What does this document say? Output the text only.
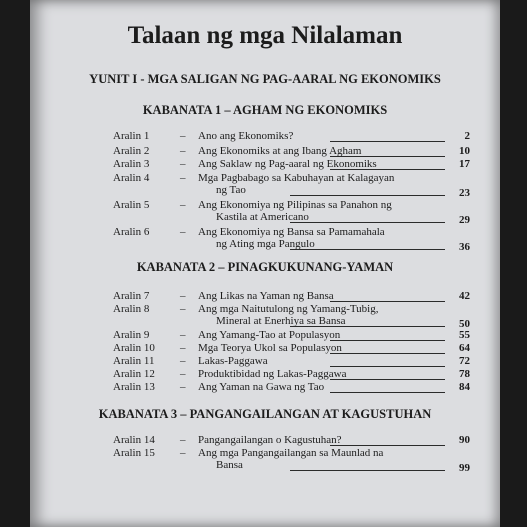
Talaan ng mga Nilalaman
YUNIT I - MGA SALIGAN NG PAG-AARAL NG EKONOMIKS
KABANATA 1 – AGHAM NG EKONOMIKS
Aralin 1	– Ano ang Ekonomiks?	2
Aralin 2	– Ang Ekonomiks at ang Ibang Agham	10
Aralin 3	– Ang Saklaw ng Pag-aaral ng Ekonomiks	17
Aralin 4	– Mga Pagbabago sa Kabuhayan at Kalagayan
ng Tao	23
Aralin 5	– Ang Ekonomiya ng Pilipinas sa Panahon ng
Kastila at Americano	29
Aralin 6	– Ang Ekonomiya ng Bansa sa Pamamahala
ng Ating mga Pangulo	36
KABANATA 2 – PINAGKUKUNANG-YAMAN
Aralin 7	– Ang Likas na Yaman ng Bansa	42
Aralin 8	– Ang mga Naitutulong ng Yamang-Tubig,
Mineral at Enerhiya sa Bansa	50
Aralin 9	– Ang Yamang-Tao at Populasyon	55
Aralin 10 – Mga Teorya Ukol sa Populasyon	64
Aralin 11 – Lakas-Paggawa	72
Aralin 12 – Produktibidad ng Lakas-Paggawa	78
Aralin 13 – Ang Yaman na Gawa ng Tao	84
KABANATA 3 – PANGANGAILANGAN AT KAGUSTUHAN
Aralin 14 – Pangangailangan o Kagustuhan?	90
Aralin 15 – Ang mga Pangangailangan sa Maunlad na
Bansa	99
